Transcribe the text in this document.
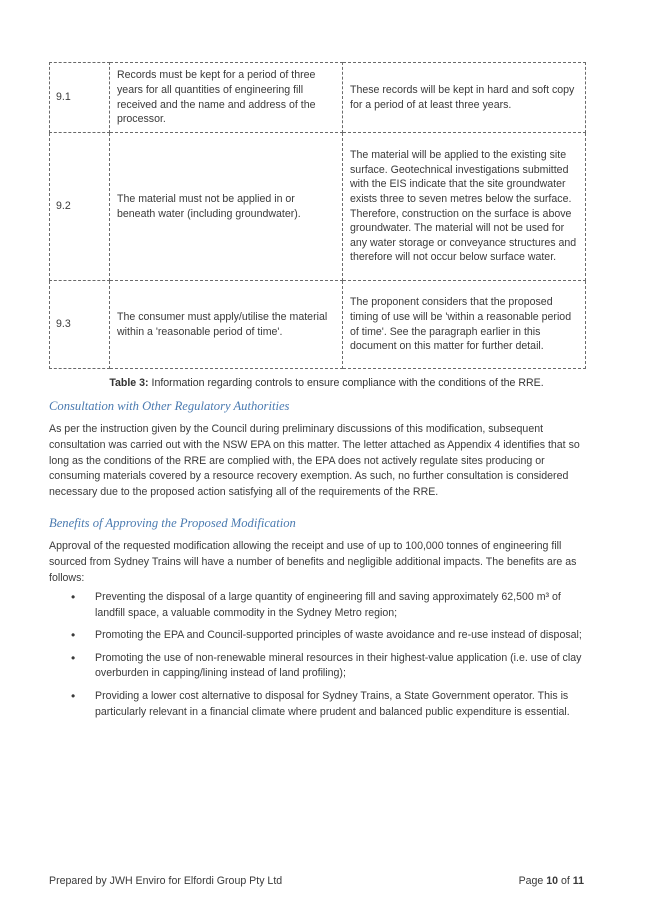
9.1	Records must be kept for a period of three years for all quantities of engineering fill received and the name and address of the processor.	These records will be kept in hard and soft copy for a period of at least three years.
9.2	The material must not be applied in or beneath water (including groundwater).	The material will be applied to the existing site surface. Geotechnical investigations submitted with the EIS indicate that the site groundwater exists three to seven metres below the surface. Therefore, construction on the surface is above groundwater. The material will not be used for any water storage or conveyance structures and therefore will not occur below surface water.
9.3	The consumer must apply/utilise the material within a 'reasonable period of time'.	The proponent considers that the proposed timing of use will be 'within a reasonable period of time'. See the paragraph earlier in this document on this matter for further detail.
Table 3: Information regarding controls to ensure compliance with the conditions of the RRE.
Consultation with Other Regulatory Authorities

As per the instruction given by the Council during preliminary discussions of this modification, subsequent consultation was carried out with the NSW EPA on this matter. The letter attached as Appendix 4 identifies that so long as the conditions of the RRE are complied with, the EPA does not actively regulate sites producing or consuming materials covered by a resource recovery exemption. As such, no further consultation is considered necessary due to the proposed action satisfying all of the requirements of the RRE.

Benefits of Approving the Proposed Modification

Approval of the requested modification allowing the receipt and use of up to 100,000 tonnes of engineering fill sourced from Sydney Trains will have a number of benefits and negligible additional impacts. The benefits are as follows:

• Preventing the disposal of a large quantity of engineering fill and saving approximately 62,500 m³ of landfill space, a valuable commodity in the Sydney Metro region;
• Promoting the EPA and Council-supported principles of waste avoidance and re-use instead of disposal;
• Promoting the use of non-renewable mineral resources in their highest-value application (i.e. use of clay overburden in capping/lining instead of land profiling);
• Providing a lower cost alternative to disposal for Sydney Trains, a State Government operator. This is particularly relevant in a financial climate where prudent and balanced public expenditure is essential.
Prepared by JWH Enviro for Elfordi Group Pty Ltd	Page 10 of 11
